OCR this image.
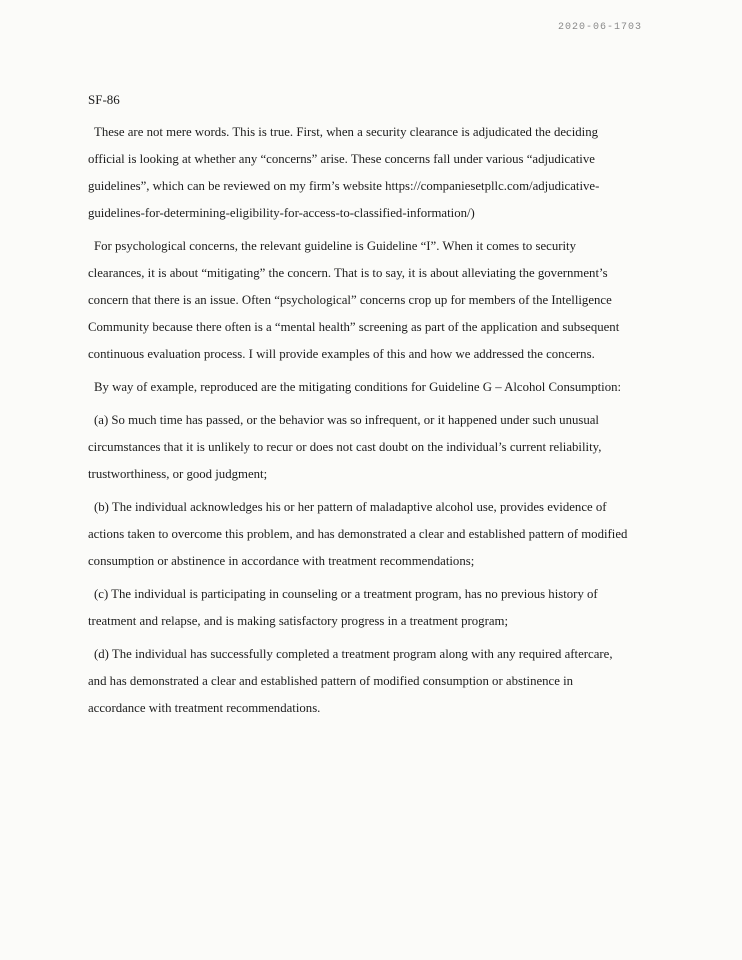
2020-06-1703
SF-86

These are not mere words. This is true. First, when a security clearance is adjudicated the deciding official is looking at whether any “concerns” arise. These concerns fall under various “adjudicative guidelines”, which can be reviewed on my firm’s website https://companiesetpllc.com/adjudicative-guidelines-for-determining-eligibility-for-access-to-classified-information/)

For psychological concerns, the relevant guideline is Guideline “I”. When it comes to security clearances, it is about “mitigating” the concern. That is to say, it is about alleviating the government’s concern that there is an issue. Often “psychological” concerns crop up for members of the Intelligence Community because there often is a “mental health” screening as part of the application and subsequent continuous evaluation process. I will provide examples of this and how we addressed the concerns.

By way of example, reproduced are the mitigating conditions for Guideline G – Alcohol Consumption:

(a) So much time has passed, or the behavior was so infrequent, or it happened under such unusual circumstances that it is unlikely to recur or does not cast doubt on the individual’s current reliability, trustworthiness, or good judgment;

(b) The individual acknowledges his or her pattern of maladaptive alcohol use, provides evidence of actions taken to overcome this problem, and has demonstrated a clear and established pattern of modified consumption or abstinence in accordance with treatment recommendations;

(c) The individual is participating in counseling or a treatment program, has no previous history of treatment and relapse, and is making satisfactory progress in a treatment program;

(d) The individual has successfully completed a treatment program along with any required aftercare, and has demonstrated a clear and established pattern of modified consumption or abstinence in accordance with treatment recommendations.
